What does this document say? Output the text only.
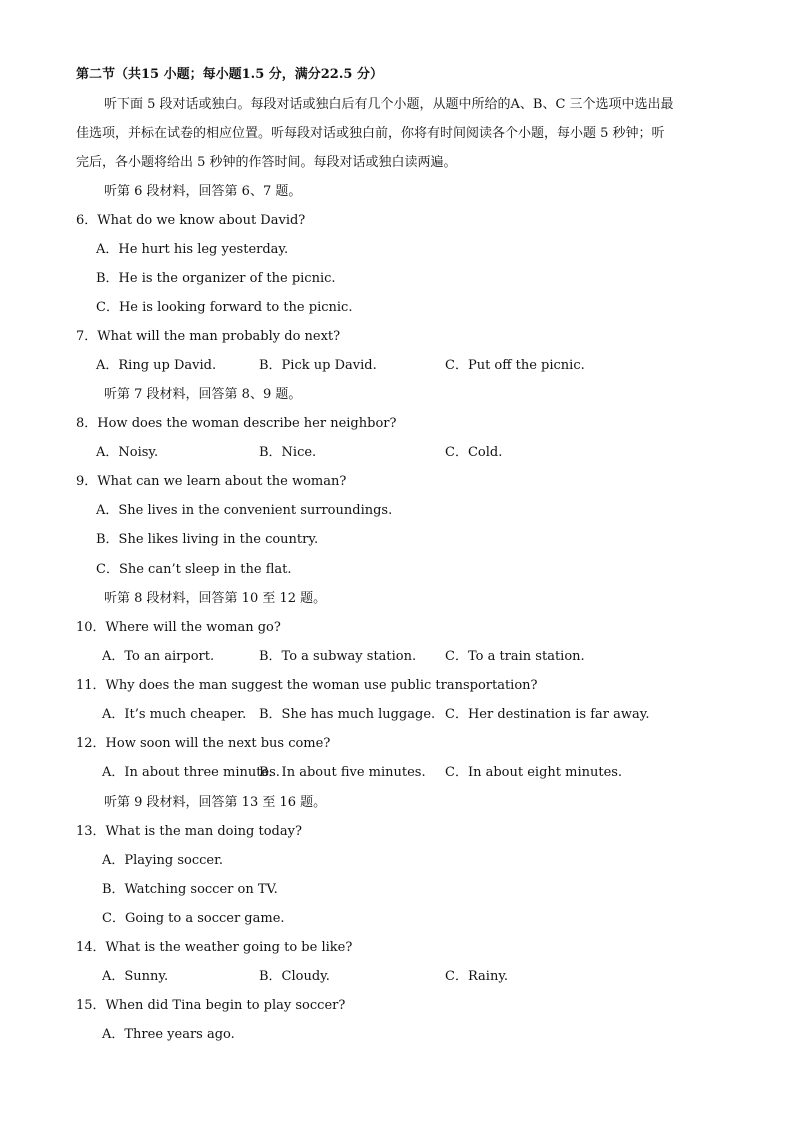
第二节（共15 小题；每小题1.5 分，满分22.5 分）
听下面 5 段对话或独白。每段对话或独白后有几个小题，从题中所给的A、B、C 三个选项中选出最
佳选项，并标在试卷的相应位置。听每段对话或独白前，你将有时间阅读各个小题，每小题 5 秒钟；听
完后，各小题将给出 5 秒钟的作答时间。每段对话或独白读两遍。
听第 6 段材料，回答第 6、7 题。
6．What do we know about David?
A．He hurt his leg yesterday.
B．He is the organizer of the picnic.
C．He is looking forward to the picnic.
7．What will the man probably do next?
A．Ring up David.	B．Pick up David.	C．Put off the picnic.
听第 7 段材料，回答第 8、9 题。
8．How does the woman describe her neighbor?
A．Noisy.	B．Nice.	C．Cold.
9．What can we learn about the woman?
A．She lives in the convenient surroundings.
B．She likes living in the country.
C．She can’t sleep in the flat.
听第 8 段材料，回答第 10 至 12 题。
10．Where will the woman go?
A．To an airport.	B．To a subway station. C．To a train station.
11．Why does the man suggest the woman use public transportation?
A．It’s much cheaper. B．She has much luggage. C．Her destination is far away.
12．How soon will the next bus come?
A．In about three minutes.
B．In about five minutes. C．In about eight minutes.
听第 9 段材料，回答第 13 至 16 题。
13．What is the man doing today?
A．Playing soccer.
B．Watching soccer on TV.
C．Going to a soccer game.
14．What is the weather going to be like?
A．Sunny.	B．Cloudy.	C．Rainy.
15．When did Tina begin to play soccer?
A．Three years ago.
